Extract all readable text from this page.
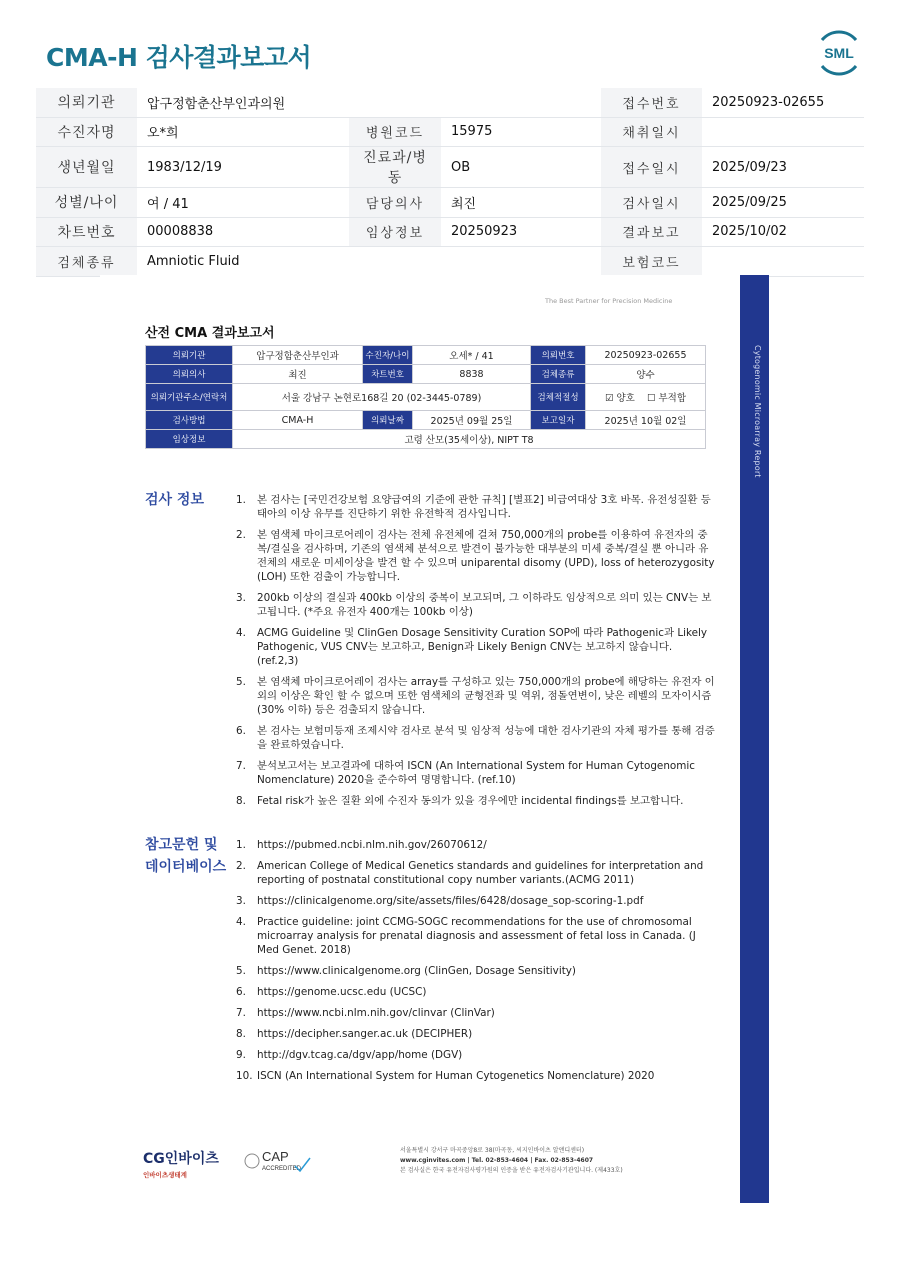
CMA-H 검사결과보고서	SML
의뢰기관	압구정함춘산부인과의원			접수번호	20250923-02655
수진자명	오*희	병원코드	15975	채취일시	
생년월일	1983/12/19	진료과/병동	OB	접수일시	2025/09/23
성별/나이	여 / 41	담당의사	최진	검사일시	2025/09/25
차트번호	00008838	임상정보	20250923	결과보고	2025/10/02
검체종류	Amniotic Fluid			보험코드	
Cytogenomic Microarray Report
The Best Partner for Precision Medicine
산전 CMA 결과보고서
의뢰기관	압구정함춘산부인과	수진자/나이	오세* / 41	의뢰번호	20250923-02655
의뢰의사	최진	차트번호	8838	검체종류	양수
의뢰기관주소/연락처	서울 강남구 논현로168길 20 (02-3445-0789)			검체적절성	☑ 양호 ☐ 부적합
검사방법	CMA-H	의뢰날짜	2025년 09월 25일	보고일자	2025년 10월 02일
임상정보	고령 산모(35세이상), NIPT T8				
검사 정보	1. 본 검사는 [국민건강보험 요양급여의 기준에 관한 규칙] [별표2] 비급여대상 3호 바목. 유전성질환 등 태아의 이상 유무를 진단하기 위한 유전학적 검사입니다.
2. 본 염색체 마이크로어레이 검사는 전체 유전체에 걸쳐 750,000개의 probe를 이용하여 유전자의 중복/결실을 검사하며, 기존의 염색체 분석으로 발견이 불가능한 대부분의 미세 중복/결실 뿐 아니라 유전체의 새로운 미세이상을 발견 할 수 있으며 uniparental disomy (UPD), loss of heterozygosity (LOH) 또한 검출이 가능합니다.
3. 200kb 이상의 결실과 400kb 이상의 중복이 보고되며, 그 이하라도 임상적으로 의미 있는 CNV는 보고됩니다. (*주요 유전자 400개는 100kb 이상)
4. ACMG Guideline 및 ClinGen Dosage Sensitivity Curation SOP에 따라 Pathogenic과 Likely Pathogenic, VUS CNV는 보고하고, Benign과 Likely Benign CNV는 보고하지 않습니다. (ref.2,3)
5. 본 염색체 마이크로어레이 검사는 array를 구성하고 있는 750,000개의 probe에 해당하는 유전자 이외의 이상은 확인 할 수 없으며 또한 염색체의 균형전좌 및 역위, 점돌연변이, 낮은 레벨의 모자이시즘(30% 이하) 등은 검출되지 않습니다.
6. 본 검사는 보험미등재 조제시약 검사로 분석 및 임상적 성능에 대한 검사기관의 자체 평가를 통해 검증을 완료하였습니다.
7. 분석보고서는 보고결과에 대하여 ISCN (An International System for Human Cytogenomic Nomenclature) 2020을 준수하여 명명합니다. (ref.10)
8. Fetal risk가 높은 질환 외에 수진자 동의가 있을 경우에만 incidental findings를 보고합니다.
참고문헌 및
데이터베이스
1. https://pubmed.ncbi.nlm.nih.gov/26070612/
2. American College of Medical Genetics standards and guidelines for interpretation and reporting of postnatal constitutional copy number variants.(ACMG 2011)
3. https://clinicalgenome.org/site/assets/files/6428/dosage_sop-scoring-1.pdf
4. Practice guideline: joint CCMG-SOGC recommendations for the use of chromosomal microarray analysis for prenatal diagnosis and assessment of fetal loss in Canada. (J Med Genet. 2018)
5. https://www.clinicalgenome.org (ClinGen, Dosage Sensitivity)
6. https://genome.ucsc.edu (UCSC)
7. https://www.ncbi.nlm.nih.gov/clinvar (ClinVar)
8. https://decipher.sanger.ac.uk (DECIPHER)
9. http://dgv.tcag.ca/dgv/app/home (DGV)
10. ISCN (An International System for Human Cytogenetics Nomenclature) 2020
CG인바이츠
인바이츠생태계
CAP
ACCREDITED
서울특별시 강서구 마곡중앙8로 38(마곡동, 씨지인바이츠 알앤디센터)
www.cginvites.com | Tel. 02-853-4604 | Fax. 02-853-4607
본 검사실은 한국 유전자검사평가원의 인증을 받은 유전자검사기관입니다. (제433호)
